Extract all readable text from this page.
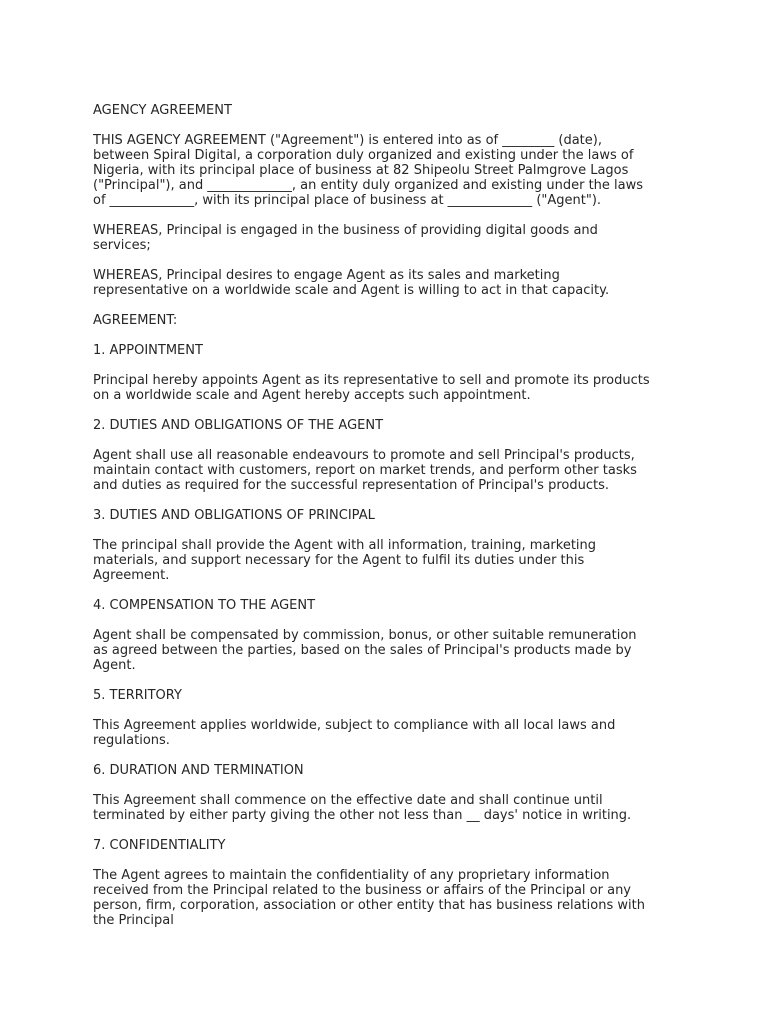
AGENCY AGREEMENT
THIS AGENCY AGREEMENT ("Agreement") is entered into as of ________ (date),
between Spiral Digital, a corporation duly organized and existing under the laws of
Nigeria, with its principal place of business at 82 Shipeolu Street Palmgrove Lagos
("Principal"), and _____________, an entity duly organized and existing under the laws
of _____________, with its principal place of business at _____________ ("Agent").
WHEREAS, Principal is engaged in the business of providing digital goods and
services;
WHEREAS, Principal desires to engage Agent as its sales and marketing
representative on a worldwide scale and Agent is willing to act in that capacity.
AGREEMENT:
1. APPOINTMENT
Principal hereby appoints Agent as its representative to sell and promote its products
on a worldwide scale and Agent hereby accepts such appointment.
2. DUTIES AND OBLIGATIONS OF THE AGENT
Agent shall use all reasonable endeavours to promote and sell Principal's products,
maintain contact with customers, report on market trends, and perform other tasks
and duties as required for the successful representation of Principal's products.
3. DUTIES AND OBLIGATIONS OF PRINCIPAL
The principal shall provide the Agent with all information, training, marketing
materials, and support necessary for the Agent to fulfil its duties under this
Agreement.
4. COMPENSATION TO THE AGENT
Agent shall be compensated by commission, bonus, or other suitable remuneration
as agreed between the parties, based on the sales of Principal's products made by
Agent.
5. TERRITORY
This Agreement applies worldwide, subject to compliance with all local laws and
regulations.
6. DURATION AND TERMINATION
This Agreement shall commence on the effective date and shall continue until
terminated by either party giving the other not less than __ days' notice in writing.
7. CONFIDENTIALITY
The Agent agrees to maintain the confidentiality of any proprietary information
received from the Principal related to the business or affairs of the Principal or any
person, firm, corporation, association or other entity that has business relations with
the Principal
